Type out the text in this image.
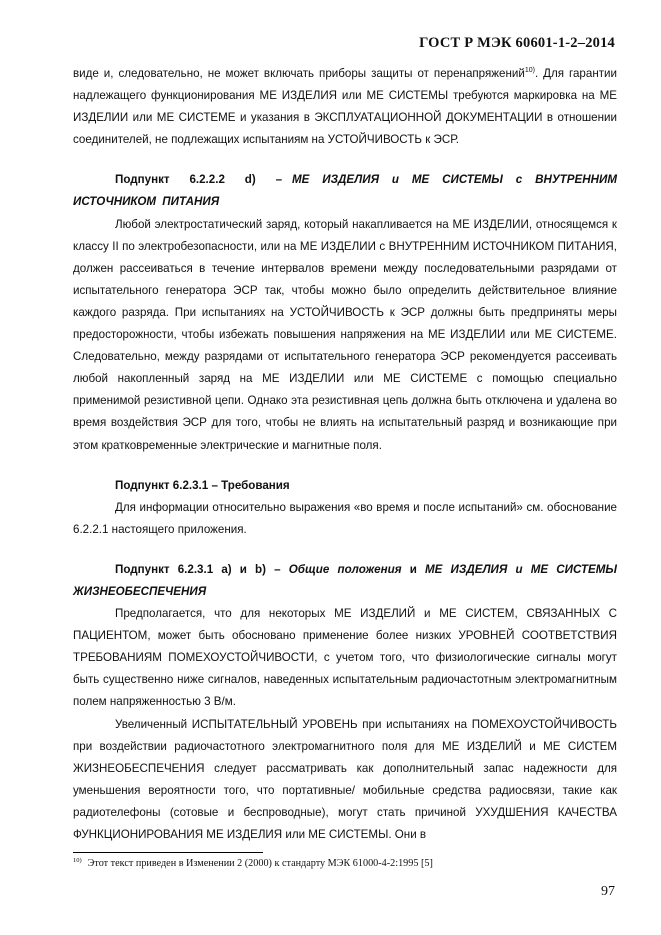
ГОСТ Р МЭК 60601-1-2–2014

виде и, следовательно, не может включать приборы защиты от перенапряжений$^{10)}$. Для гарантии надлежащего функционирования МЕ ИЗДЕЛИЯ или МЕ СИСТЕМЫ требуются маркировка на МЕ ИЗДЕЛИИ или МЕ СИСТЕМЕ и указания в ЭКСПЛУАТАЦИОННОЙ ДОКУМЕНТАЦИИ в отношении соединителей, не подлежащих испытаниям на УСТОЙЧИВОСТЬ к ЭСР.

Подпункт 6.2.2.2 d) – МЕ ИЗДЕЛИЯ и МЕ СИСТЕМЫ с ВНУТРЕННИМ ИСТОЧНИКОМ ПИТАНИЯ

Любой электростатический заряд, который накапливается на МЕ ИЗДЕЛИИ, относящемся к классу II по электробезопасности, или на МЕ ИЗДЕЛИИ с ВНУТРЕННИМ ИСТОЧНИКОМ ПИТАНИЯ, должен рассеиваться в течение интервалов времени между последовательными разрядами от испытательного генератора ЭСР так, чтобы можно было определить действительное влияние каждого разряда. При испытаниях на УСТОЙЧИВОСТЬ к ЭСР должны быть предприняты меры предосторожности, чтобы избежать повышения напряжения на МЕ ИЗДЕЛИИ или МЕ СИСТЕМЕ. Следовательно, между разрядами от испытательного генератора ЭСР рекомендуется рассеивать любой накопленный заряд на МЕ ИЗДЕЛИИ или МЕ СИСТЕМЕ с помощью специально применимой резистивной цепи. Однако эта резистивная цепь должна быть отключена и удалена во время воздействия ЭСР для того, чтобы не влиять на испытательный разряд и возникающие при этом кратковременные электрические и магнитные поля.

Подпункт 6.2.3.1 – Требования

Для информации относительно выражения «во время и после испытаний» см. обоснование 6.2.2.1 настоящего приложения.

Подпункт 6.2.3.1 a) и b) – Общие положения и МЕ ИЗДЕЛИЯ и МЕ СИСТЕМЫ ЖИЗНЕОБЕСПЕЧЕНИЯ

Предполагается, что для некоторых МЕ ИЗДЕЛИЙ и МЕ СИСТЕМ, СВЯЗАННЫХ С ПАЦИЕНТОМ, может быть обосновано применение более низких УРОВНЕЙ СООТВЕТСТВИЯ ТРЕБОВАНИЯМ ПОМЕХОУСТОЙЧИВОСТИ, с учетом того, что физиологические сигналы могут быть существенно ниже сигналов, наведенных испытательным радиочастотным электромагнитным полем напряженностью 3 В/м.

Увеличенный ИСПЫТАТЕЛЬНЫЙ УРОВЕНЬ при испытаниях на ПОМЕХОУСТОЙЧИВОСТЬ при воздействии радиочастотного электромагнитного поля для МЕ ИЗДЕЛИЙ и МЕ СИСТЕМ ЖИЗНЕОБЕСПЕЧЕНИЯ следует рассматривать как дополнительный запас надежности для уменьшения вероятности того, что портативные/ мобильные средства радиосвязи, такие как радиотелефоны (сотовые и беспроводные), могут стать причиной УХУДШЕНИЯ КАЧЕСТВА ФУНКЦИОНИРОВАНИЯ МЕ ИЗДЕЛИЯ или МЕ СИСТЕМЫ. Они в

$^{10)}$ Этот текст приведен в Изменении 2 (2000) к стандарту МЭК 61000-4-2:1995 [5]
97
